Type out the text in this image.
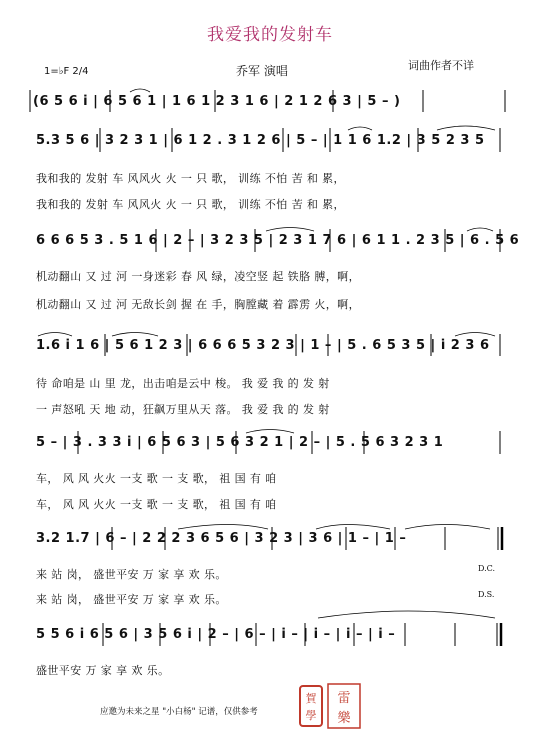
我爱我的发射车
乔军 演唱	词曲作者不详
1=♭F 2/4
(6 5 6 i̇ | 6 5 6 1 | 1 6 1 2 3 1 6 | 2 1 2 6 3 | 5 – )
5.3 5 6 | 3 2 3 1 | 6 1 2 . 3 1 2 6 | 5 – | 1 1 6 1.2 | 3 5 2 3 5
我和我的 发射 车 风风火 火 一 只 歌， 训练 不怕 苦 和 累，
我和我的 发射 车 风风火 火 一 只 歌， 训练 不怕 苦 和 累，
6 6 6 5 3 . 5 1 6 | 2 – | 3 2 3 5 | 2 3 1 7 6 | 6 1 1 . 2 3 5 | 6 . 5 6
机动翻山 又 过 河 一身迷彩 春 风 绿，凌空竖 起 铁胳 膊，啊，
机动翻山 又 过 河 无敌长剑 握 在 手，胸膛藏 着 霹雳 火，啊，
1.6 i̇ 1 6 | 5 6 1 2 3 | 6 6 6 5 3 2 3 | 1 – | 5 . 6 5 3 5 | i̇ 2 3 6
待 命咱是 山 里 龙，出击咱是云中 梭。 我 爱 我 的 发 射
一 声怒吼 天 地 动，狂飙万里从天 落。 我 爱 我 的 发 射
5 – | 3 . 3 3 i̇ | 6 5 6 3 | 5 6 3 2 1 | 2 – | 5 . 5 6 3 2 3 1
车， 风 风 火火 一支 歌 一 支 歌， 祖 国 有 咱
车， 风 风 火火 一支 歌 一 支 歌， 祖 国 有 咱
3.2 1.7 | 6 – | 2 2 2 3 6 5 6 | 3 2 3 | 3 6 | 1 – | 1 –
来 站 岗， 盛世平安 万 家 享 欢 乐。
来 站 岗， 盛世平安 万 家 享 欢 乐。
D.C.
D.S.
5 5 6 i̇ 6 5 6 | 3 5 6 i̇ | 2 – | 6 – | i̇ – | i̇ – | i̇ – | i̇ –
盛世平安 万 家 享 欢 乐。
賀
學
雷
樂
应邀为未来之星 "小白杨" 记谱，仅供参考
